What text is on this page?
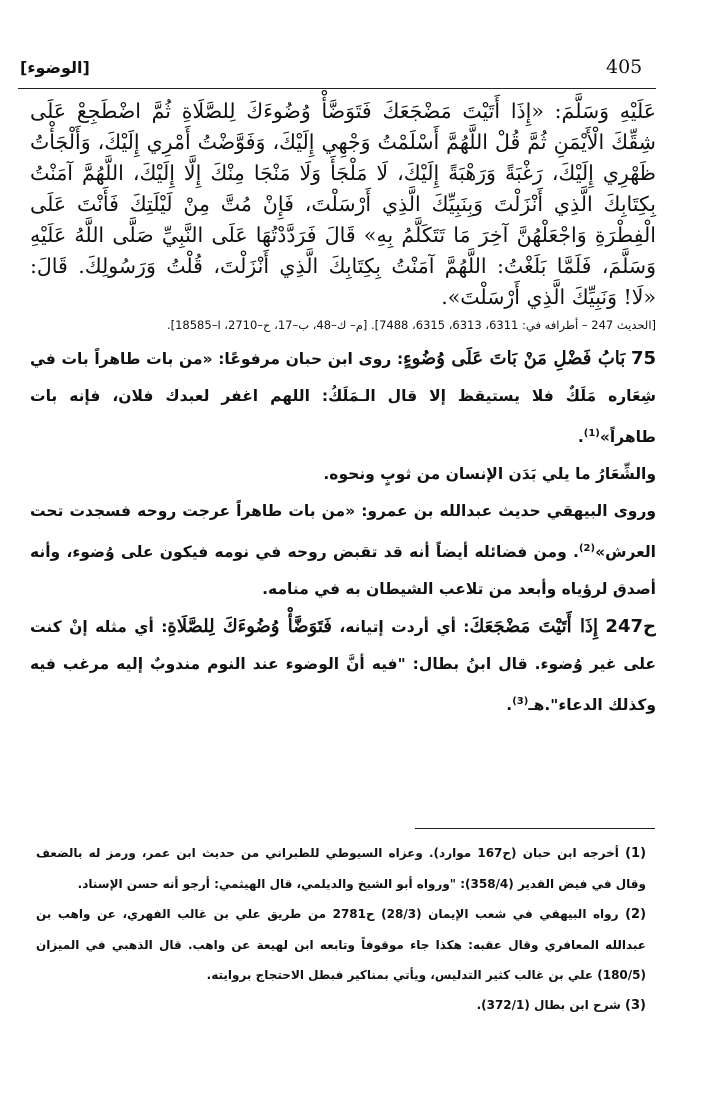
405
[الوضوء]

عَلَيْهِ وَسَلَّمَ: «إِذَا أَتَيْتَ مَضْجَعَكَ فَتَوَضَّأْ وُضُوءَكَ لِلصَّلَاةِ ثُمَّ اضْطَجِعْ عَلَى شِقِّكَ الْأَيْمَنِ ثُمَّ قُلْ اللَّهُمَّ أَسْلَمْتُ وَجْهِي إِلَيْكَ، وَفَوَّضْتُ أَمْرِي إِلَيْكَ، وَأَلْجَأْتُ ظَهْرِي إِلَيْكَ، رَغْبَةً وَرَهْبَةً إِلَيْكَ، لَا مَلْجَأَ وَلَا مَنْجَا مِنْكَ إِلَّا إِلَيْكَ، اللَّهُمَّ آمَنْتُ بِكِتَابِكَ الَّذِي أَنْزَلْتَ وَبِنَبِيِّكَ الَّذِي أَرْسَلْتَ، فَإِنْ مُتَّ مِنْ لَيْلَتِكَ فَأَنْتَ عَلَى الْفِطْرَةِ وَاجْعَلْهُنَّ آخِرَ مَا تَتَكَلَّمُ بِهِ» قَالَ فَرَدَّدْتُهَا عَلَى النَّبِيِّ صَلَّى اللَّهُ عَلَيْهِ وَسَلَّمَ، فَلَمَّا بَلَغْتُ: اللَّهُمَّ آمَنْتُ بِكِتَابِكَ الَّذِي أَنْزَلْتَ، قُلْتُ وَرَسُولِكَ. قَالَ: «لَا! وَنَبِيِّكَ الَّذِي أَرْسَلْتَ».

[الحديث 247 – أطرافه في: 6311، 6313، 6315، 7488]. [م– ك–48، ب–17، ح–2710، ا–18585].

75 بَابُ فَضْلِ مَنْ بَاتَ عَلَى وُضُوءٍ: روى ابن حبان مرفوعًا: «من بات طاهراً بات في شِعَاره مَلَكٌ فلا يستيقظ إلا قال الـمَلَكُ: اللهم اغفر لعبدك فلان، فإنه بات طاهراً»$^{(1)}$.

والشِّعَارُ ما يلي بَدَن الإنسان من ثوبٍ ونحوه.

وروى البيهقي حديث عبدالله بن عمرو: «من بات طاهراً عرجت روحه فسجدت تحت العرش»$^{(2)}$. ومن فضائله أيضاً أنه قد تقبض روحه في نومه فيكون على وُضوء، وأنه أصدق لرؤياه وأبعد من تلاعب الشيطان به في منامه.

ح247 إِذَا أَتَيْتَ مَضْجَعَكَ: أي أردت إتيانه، فَتَوَضَّأْ وُضُوءَكَ لِلصَّلَاةِ: أي مثله إنْ كنت على غير وُضوء. قال ابنُ بطال: "فيه أنَّ الوضوء عند النوم مندوبٌ إليه مرغب فيه وكذلك الدعاء".هـ$^{(3)}$.

(1) أخرجه ابن حبان (ح167 موارد). وعزاه السيوطي للطبراني من حديث ابن عمر، ورمز له بالضعف وقال في فيض القدير (358/4): "ورواه أبو الشيخ والديلمي، قال الهيثمي: أرجو أنه حسن الإسناد.

(2) رواه البيهقي في شعب الإيمان (28/3) ح2781 من طريق علي بن غالب الفهري، عن واهب بن عبدالله المعافري وقال عقبه: هكذا جاء موقوفاً وتابعه ابن لهيعة عن واهب. قال الذهبي في الميزان (180/5) علي بن غالب كثير التدليس، ويأتي بمناكير فبطل الاحتجاج بروايته.

(3) شرح ابن بطال (372/1).
